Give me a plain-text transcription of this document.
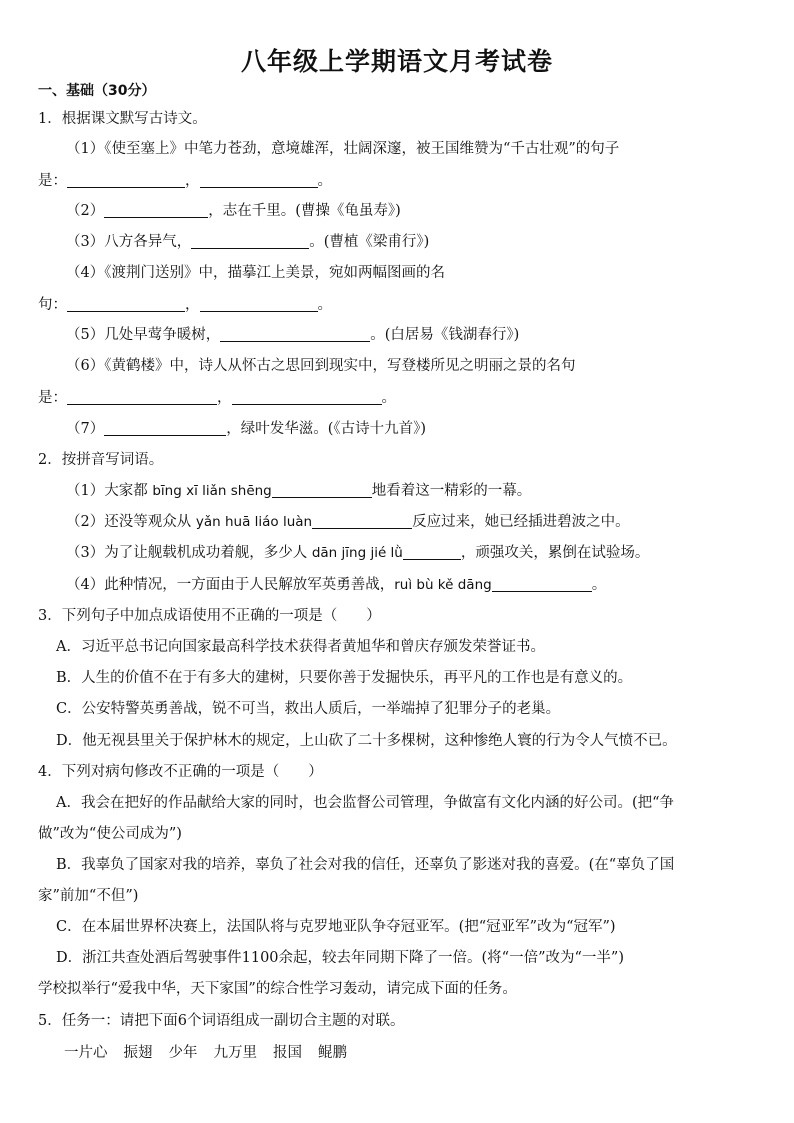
八年级上学期语文月考试卷
一、基础（30分）
1．根据课文默写古诗文。
（1）《使至塞上》中笔力苍劲，意境雄浑，壮阔深邃，被王国维赞为“千古壮观”的句子
是：	，	。
（2）	，志在千里。(曹操《龟虽寿》)
（3）八方各异气，	。(曹植《梁甫行》)
（4）《渡荆门送别》中，描摹江上美景，宛如两幅图画的名
句：	，	。
（5）几处早莺争暖树，	。(白居易《钱湖春行》)
（6）《黄鹤楼》中，诗人从怀古之思回到现实中，写登楼所见之明丽之景的名句
是：	，	。
（7）	，绿叶发华滋。(《古诗十九首》)
2．按拼音写词语。
（1）大家都 bīng xī liǎn shēng	地看着这一精彩的一幕。
（2）还没等观众从 yǎn huā liáo luàn	反应过来，她已经插进碧波之中。
（3）为了让舰载机成功着舰，多少人 dān jīng jié lǜ	，顽强攻关，累倒在试验场。
（4）此种情况，一方面由于人民解放军英勇善战，ruì bù kě dāng	。
3．下列句子中加点成语使用不正确的一项是（　　）
A．习近平总书记向国家最高科学技术获得者黄旭华和曾庆存颁发荣誉证书。
B．人生的价值不在于有多大的建树，只要你善于发掘快乐，再平凡的工作也是有意义的。
C．公安特警英勇善战，锐不可当，救出人质后，一举端掉了犯罪分子的老巢。
D．他无视县里关于保护林木的规定，上山砍了二十多棵树，这种惨绝人寰的行为令人气愤不已。
4．下列对病句修改不正确的一项是（　　）
A．我会在把好的作品献给大家的同时，也会监督公司管理，争做富有文化内涵的好公司。(把“争
做”改为“使公司成为”)
B．我辜负了国家对我的培养，辜负了社会对我的信任，还辜负了影迷对我的喜爱。(在“辜负了国
家”前加“不但”)
C．在本届世界杯决赛上，法国队将与克罗地亚队争夺冠亚军。(把“冠亚军”改为“冠军”)
D．浙江共查处酒后驾驶事件1100余起，较去年同期下降了一倍。(将“一倍”改为“一半”)
学校拟举行“爱我中华，天下家国”的综合性学习轰动，请完成下面的任务。
5．任务一：请把下面6个词语组成一副切合主题的对联。
一片心 振翅 少年 九万里 报国 鲲鹏
